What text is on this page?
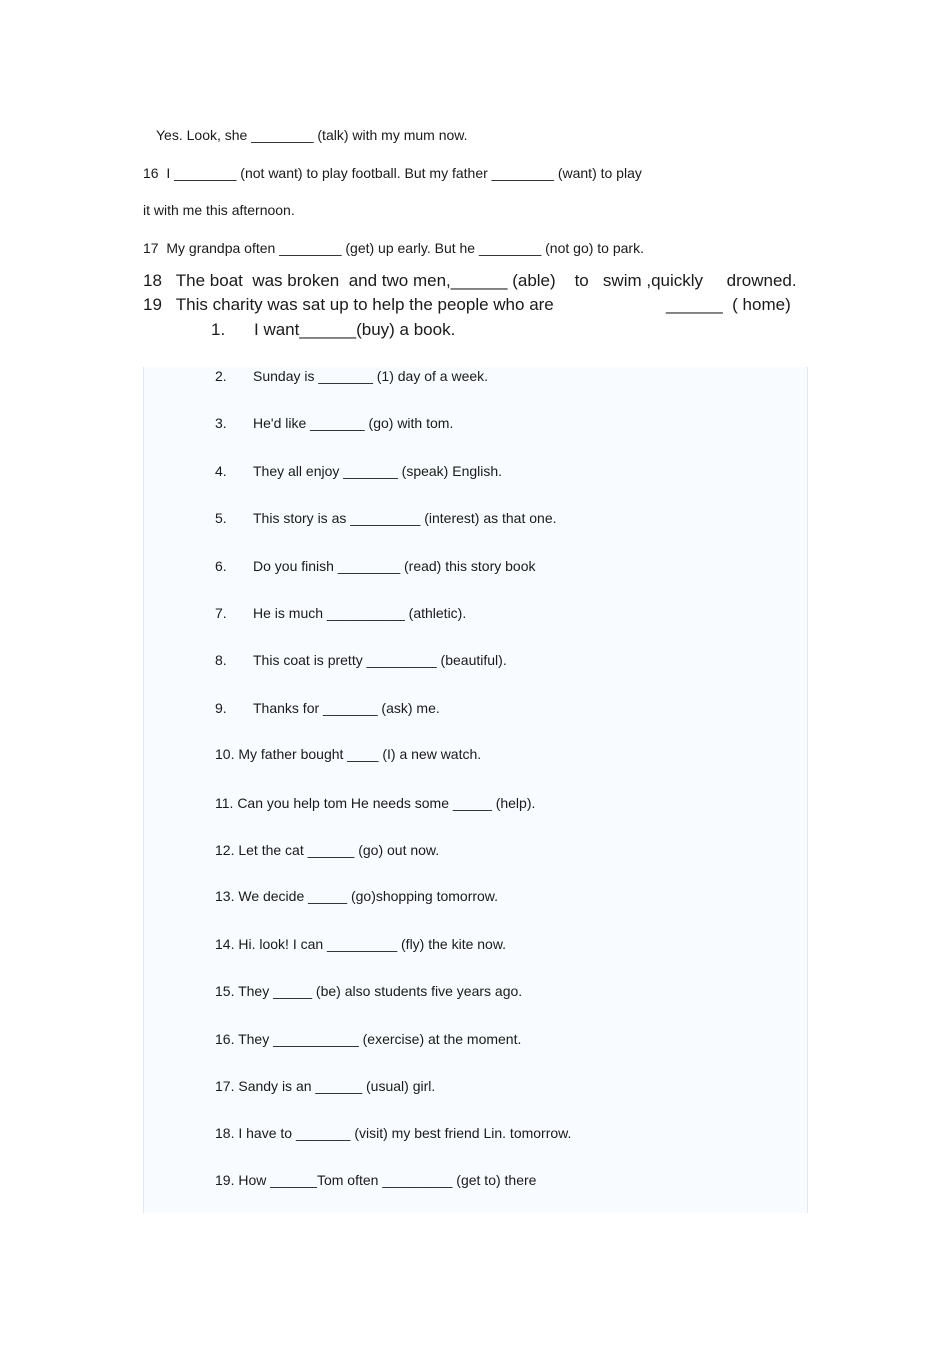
Yes. Look, she ________ (talk) with my mum now.
16  I ________ (not want) to play football. But my father ________ (want) to play
it with me this afternoon.
17  My grandpa often ________ (get) up early. But he ________ (not go) to park.
18   The boat  was broken  and two men,______ (able)    to   swim ,quickly     drowned.
19   This charity was sat up to help the people who are	______  ( home)
1. I want______(buy) a book.
2. Sunday is _______ (1) day of a week.
3. He'd like _______ (go) with tom.
4. They all enjoy _______ (speak) English.
5. This story is as _________ (interest) as that one.
6. Do you finish ________ (read) this story book
7. He is much __________ (athletic).
8. This coat is pretty _________ (beautiful).
9. Thanks for _______ (ask) me.
10. My father bought ____ (I) a new watch.
11. Can you help tom He needs some _____ (help).
12. Let the cat ______ (go) out now.
13. We decide _____ (go)shopping tomorrow.
14. Hi. look! I can _________ (fly) the kite now.
15. They _____ (be) also students five years ago.
16. They ___________ (exercise) at the moment.
17. Sandy is an ______ (usual) girl.
18. I have to _______ (visit) my best friend Lin. tomorrow.
19. How ______Tom often _________ (get to) there
